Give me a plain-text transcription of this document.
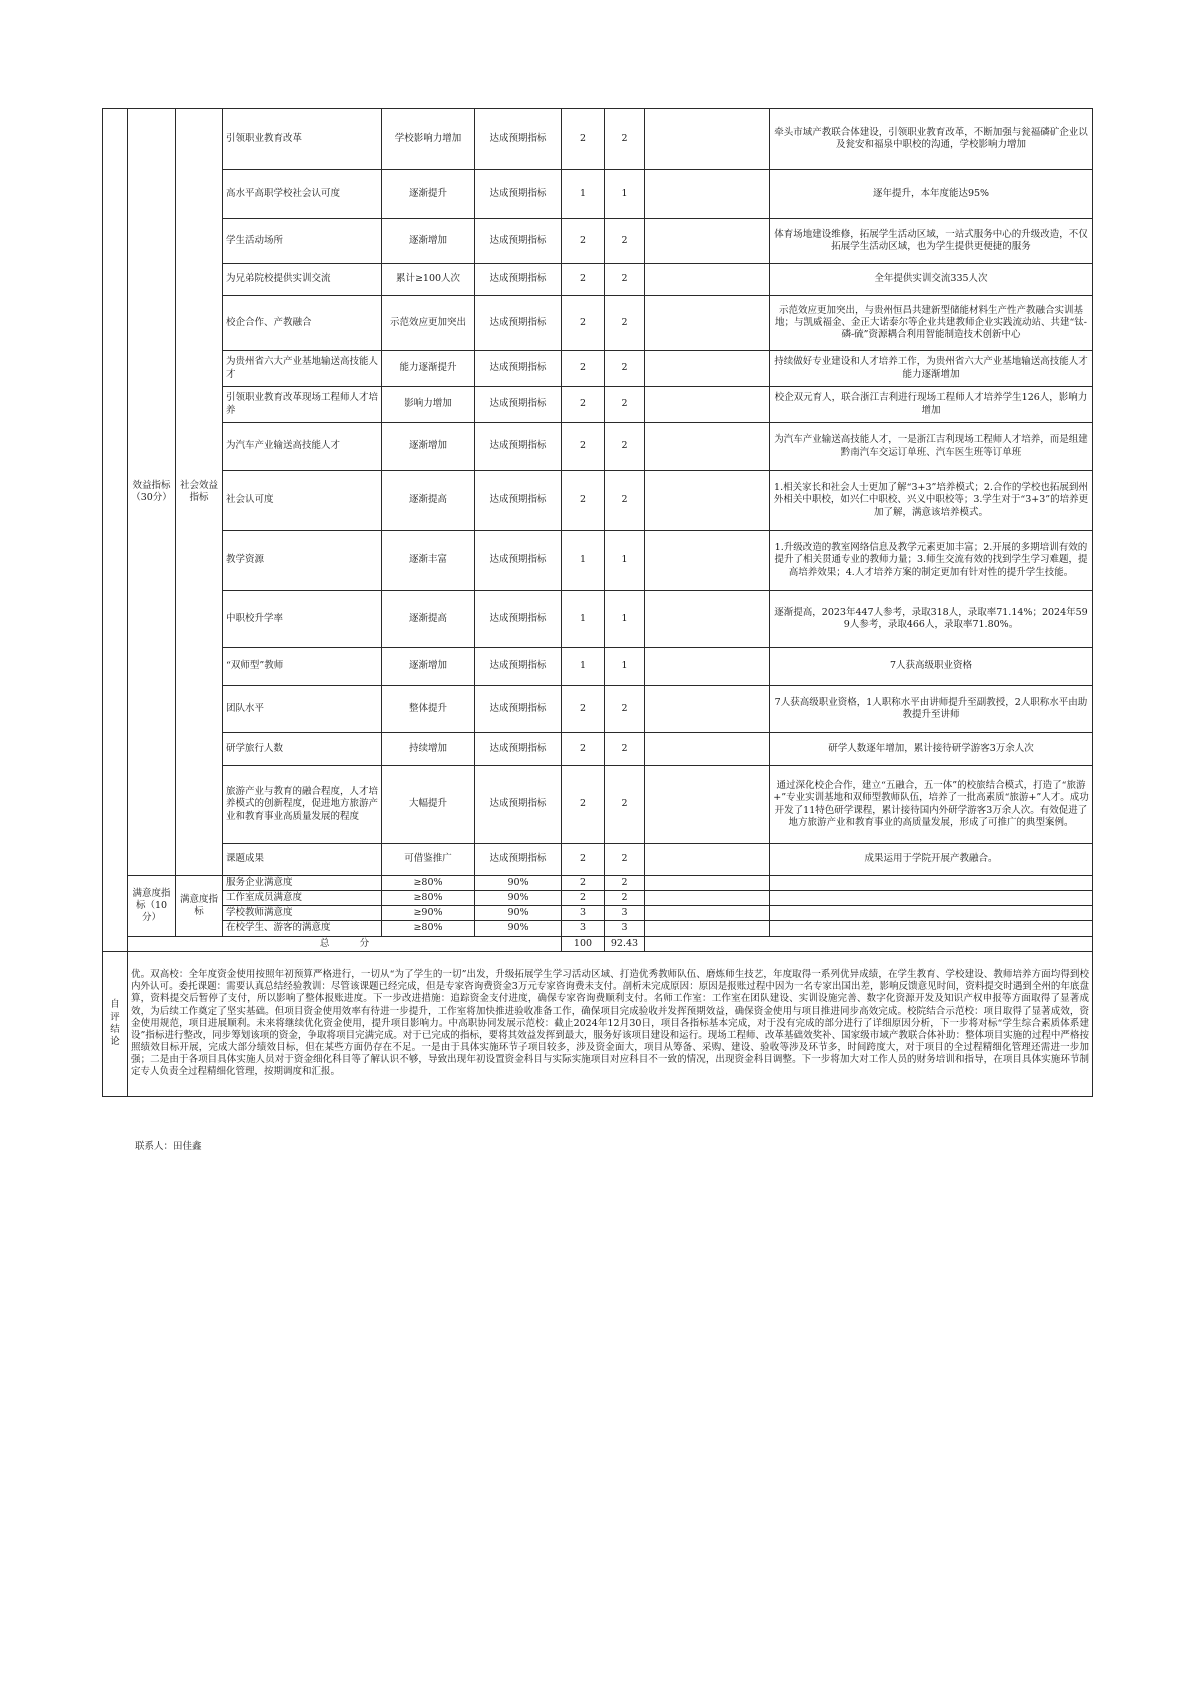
	效益指标（30分）	社会效益指标	引领职业教育改革	学校影响力增加	达成预期指标	2	2		牵头市域产教联合体建设，引领职业教育改革，不断加强与瓮福磷矿企业以及瓮安和福泉中职校的沟通，学校影响力增加
			高水平高职学校社会认可度	逐渐提升	达成预期指标	1	1		逐年提升，本年度能达95%
			学生活动场所	逐渐增加	达成预期指标	2	2		体育场地建设维修，拓展学生活动区域，一站式服务中心的升级改造，不仅拓展学生活动区域，也为学生提供更便捷的服务
			为兄弟院校提供实训交流	累计≥100人次	达成预期指标	2	2		全年提供实训交流335人次
			校企合作、产教融合	示范效应更加突出	达成预期指标	2	2		示范效应更加突出，与贵州恒昌共建新型储能材料生产性产教融合实训基地；与凯威福金、金正大诺泰尔等企业共建教师企业实践流动站、共建“钛-磷-硫”资源耦合利用智能制造技术创新中心
			为贵州省六大产业基地输送高技能人才	能力逐渐提升	达成预期指标	2	2		持续做好专业建设和人才培养工作，为贵州省六大产业基地输送高技能人才能力逐渐增加
			引领职业教育改革现场工程师人才培养	影响力增加	达成预期指标	2	2		校企双元育人，联合浙江吉利进行现场工程师人才培养学生126人，影响力增加
			为汽车产业输送高技能人才	逐渐增加	达成预期指标	2	2		为汽车产业输送高技能人才，一是浙江吉利现场工程师人才培养，而是组建黔南汽车交运订单班、汽车医生班等订单班
			社会认可度	逐渐提高	达成预期指标	2	2		1.相关家长和社会人士更加了解“3+3”培养模式；2.合作的学校也拓展到州外相关中职校，如兴仁中职校、兴义中职校等；3.学生对于“3+3”的培养更加了解，满意该培养模式。
			教学资源	逐渐丰富	达成预期指标	1	1		1.升级改造的教室网络信息及教学元素更加丰富；2.开展的多期培训有效的提升了相关贯通专业的教师力量；3.师生交流有效的找到学生学习难题，提高培养效果；4.人才培养方案的制定更加有针对性的提升学生技能。
			中职校升学率	逐渐提高	达成预期指标	1	1		逐渐提高，2023年447人参考，录取318人，录取率71.14%；2024年599人参考，录取466人，录取率71.80%。
			“双师型”教师	逐渐增加	达成预期指标	1	1		7人获高级职业资格
			团队水平	整体提升	达成预期指标	2	2		7人获高级职业资格，1人职称水平由讲师提升至副教授，2人职称水平由助教提升至讲师
			研学旅行人数	持续增加	达成预期指标	2	2		研学人数逐年增加，累计接待研学游客3万余人次
			旅游产业与教育的融合程度，人才培养模式的创新程度，促进地方旅游产业和教育事业高质量发展的程度	大幅提升	达成预期指标	2	2		通过深化校企合作，建立“五融合，五一体”的校旅结合模式，打造了“旅游+”专业实训基地和双师型教师队伍，培养了一批高素质“旅游+”人才。成功开发了11特色研学课程，累计接待国内外研学游客3万余人次。有效促进了地方旅游产业和教育事业的高质量发展，形成了可推广的典型案例。
			课题成果	可借鉴推广	达成预期指标	2	2		成果运用于学院开展产教融合。
	满意度指标（10分）	满意度指标	服务企业满意度	≥80%	90%	2	2		
			工作室成员满意度	≥80%	90%	2	2		
			学校教师满意度	≥90%	90%	3	3		
			在校学生、游客的满意度	≥80%	90%	3	3		
	总          分					100	92.43		
自评结论	优。双高校：全年度资金使用按照年初预算严格进行，一切从“为了学生的一切”出发，升级拓展学生学习活动区域、打造优秀教师队伍、磨炼师生技艺，年度取得一系列优异成绩，在学生教育、学校建设、教师培养方面均得到校内外认可。委托课题：需要认真总结经验教训：尽管该课题已经完成，但是专家咨询费资金3万元专家咨询费未支付。剖析未完成原因：原因是报账过程中因为一名专家出国出差，影响反馈意见时间，资料提交时遇到全州的年底盘算，资料提交后暂停了支付，所以影响了整体报账进度。下一步改进措施：追踪资金支付进度，确保专家咨询费顺利支付。名师工作室：工作室在团队建设、实训设施完善、数字化资源开发及知识产权申报等方面取得了显著成效，为后续工作奠定了坚实基础。但项目资金使用效率有待进一步提升，工作室将加快推进验收准备工作，确保项目完成验收并发挥预期效益，确保资金使用与项目推进同步高效完成。校院结合示范校：项目取得了显著成效，资金使用规范，项目进展顺利。未来将继续优化资金使用，提升项目影响力。中高职协同发展示范校：截止2024年12月30日，项目各指标基本完成，对于没有完成的部分进行了详细原因分析，下一步将对标“学生综合素质体系建设”指标进行整改，同步筹划该项的资金，争取将项目完满完成。对于已完成的指标，要将其效益发挥到最大，服务好该项目建设和运行。现场工程师、改革基础效奖补、国家级市域产教联合体补助：整体项目实施的过程中严格按照绩效目标开展，完成大部分绩效目标，但在某些方面仍存在不足。一是由于具体实施环节子项目较多，涉及资金面大，项目从筹备、采购、建设、验收等涉及环节多，时间跨度大，对于项目的全过程精细化管理还需进一步加强；二是由于各项目具体实施人员对于资金细化科目等了解认识不够，导致出现年初设置资金科目与实际实施项目对应科目不一致的情况，出现资金科目调整。下一步将加大对工作人员的财务培训和指导，在项目具体实施环节制定专人负责全过程精细化管理，按期调度和汇报。								
联系人：田佳鑫
